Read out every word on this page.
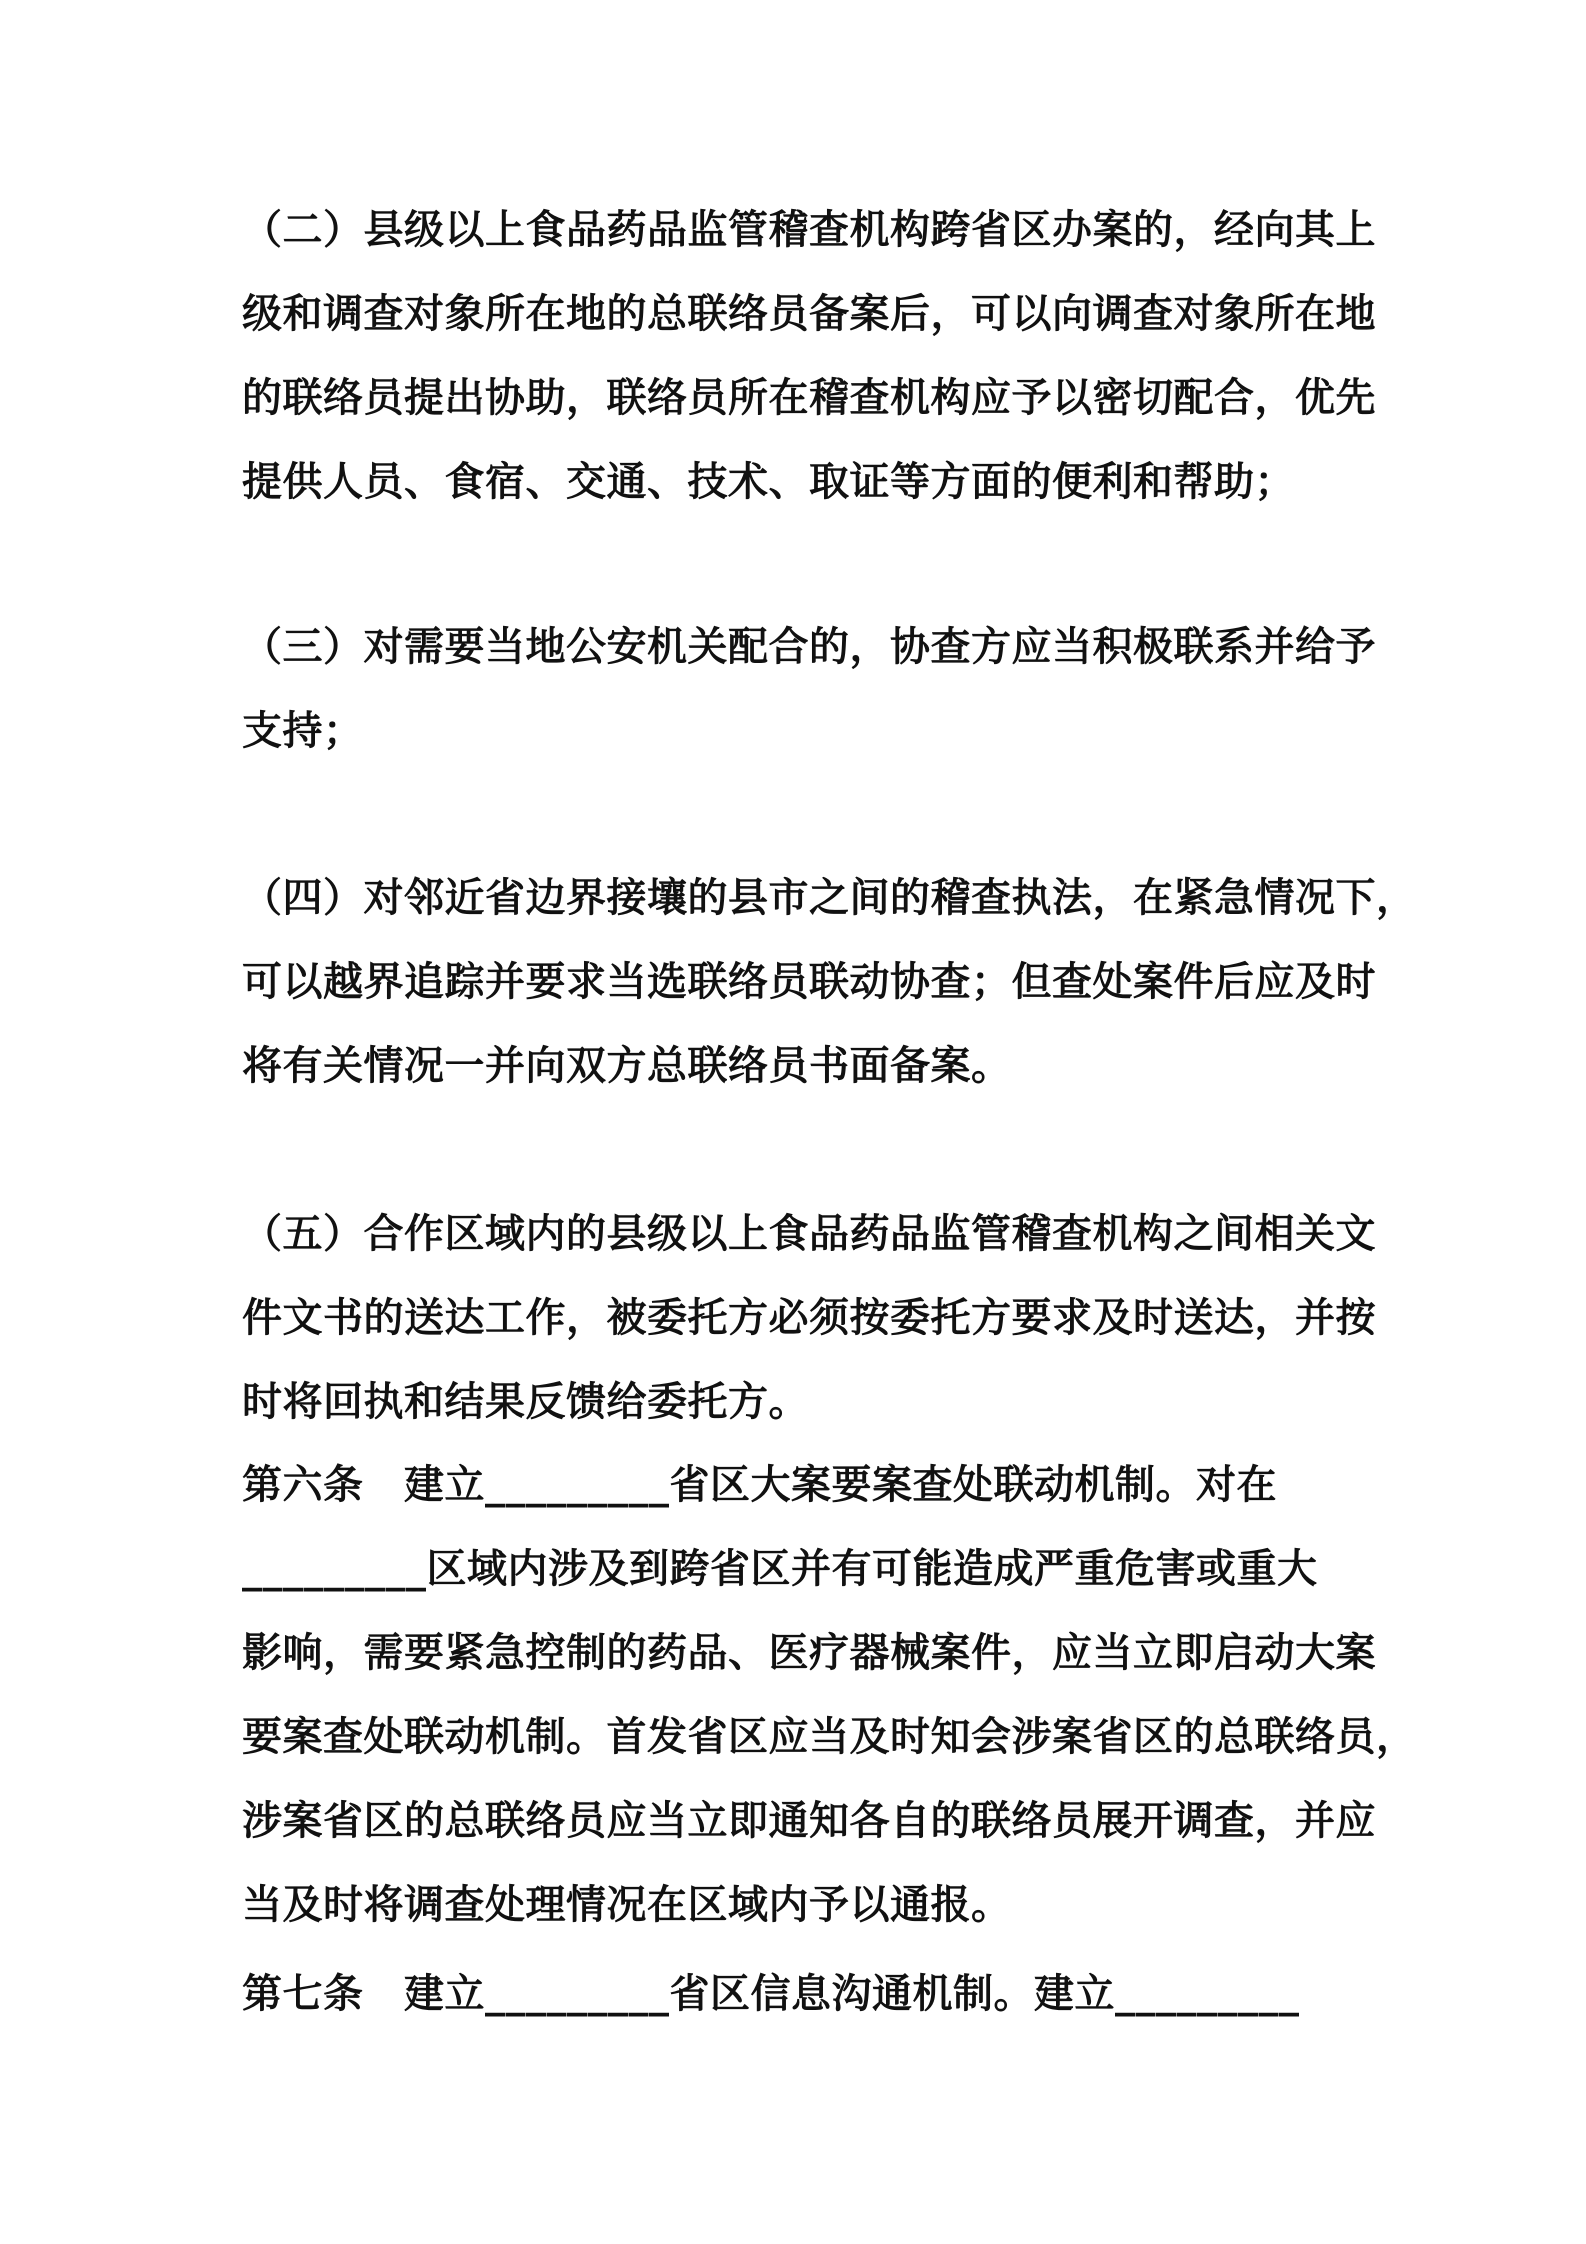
（二）县级以上食品药品监管稽查机构跨省区办案的，经向其上
级和调查对象所在地的总联络员备案后，可以向调查对象所在地
的联络员提出协助，联络员所在稽查机构应予以密切配合，优先
提供人员、食宿、交通、技术、取证等方面的便利和帮助；
（三）对需要当地公安机关配合的，协查方应当积极联系并给予
支持；
（四）对邻近省边界接壤的县市之间的稽查执法，在紧急情况下，
可以越界追踪并要求当选联络员联动协查；但查处案件后应及时
将有关情况一并向双方总联络员书面备案。
（五）合作区域内的县级以上食品药品监管稽查机构之间相关文
件文书的送达工作，被委托方必须按委托方要求及时送达，并按
时将回执和结果反馈给委托方。
第六条　建立_________省区大案要案查处联动机制。对在
_________区域内涉及到跨省区并有可能造成严重危害或重大
影响，需要紧急控制的药品、医疗器械案件，应当立即启动大案
要案查处联动机制。首发省区应当及时知会涉案省区的总联络员，
涉案省区的总联络员应当立即通知各自的联络员展开调查，并应
当及时将调查处理情况在区域内予以通报。
第七条　建立_________省区信息沟通机制。建立_________
